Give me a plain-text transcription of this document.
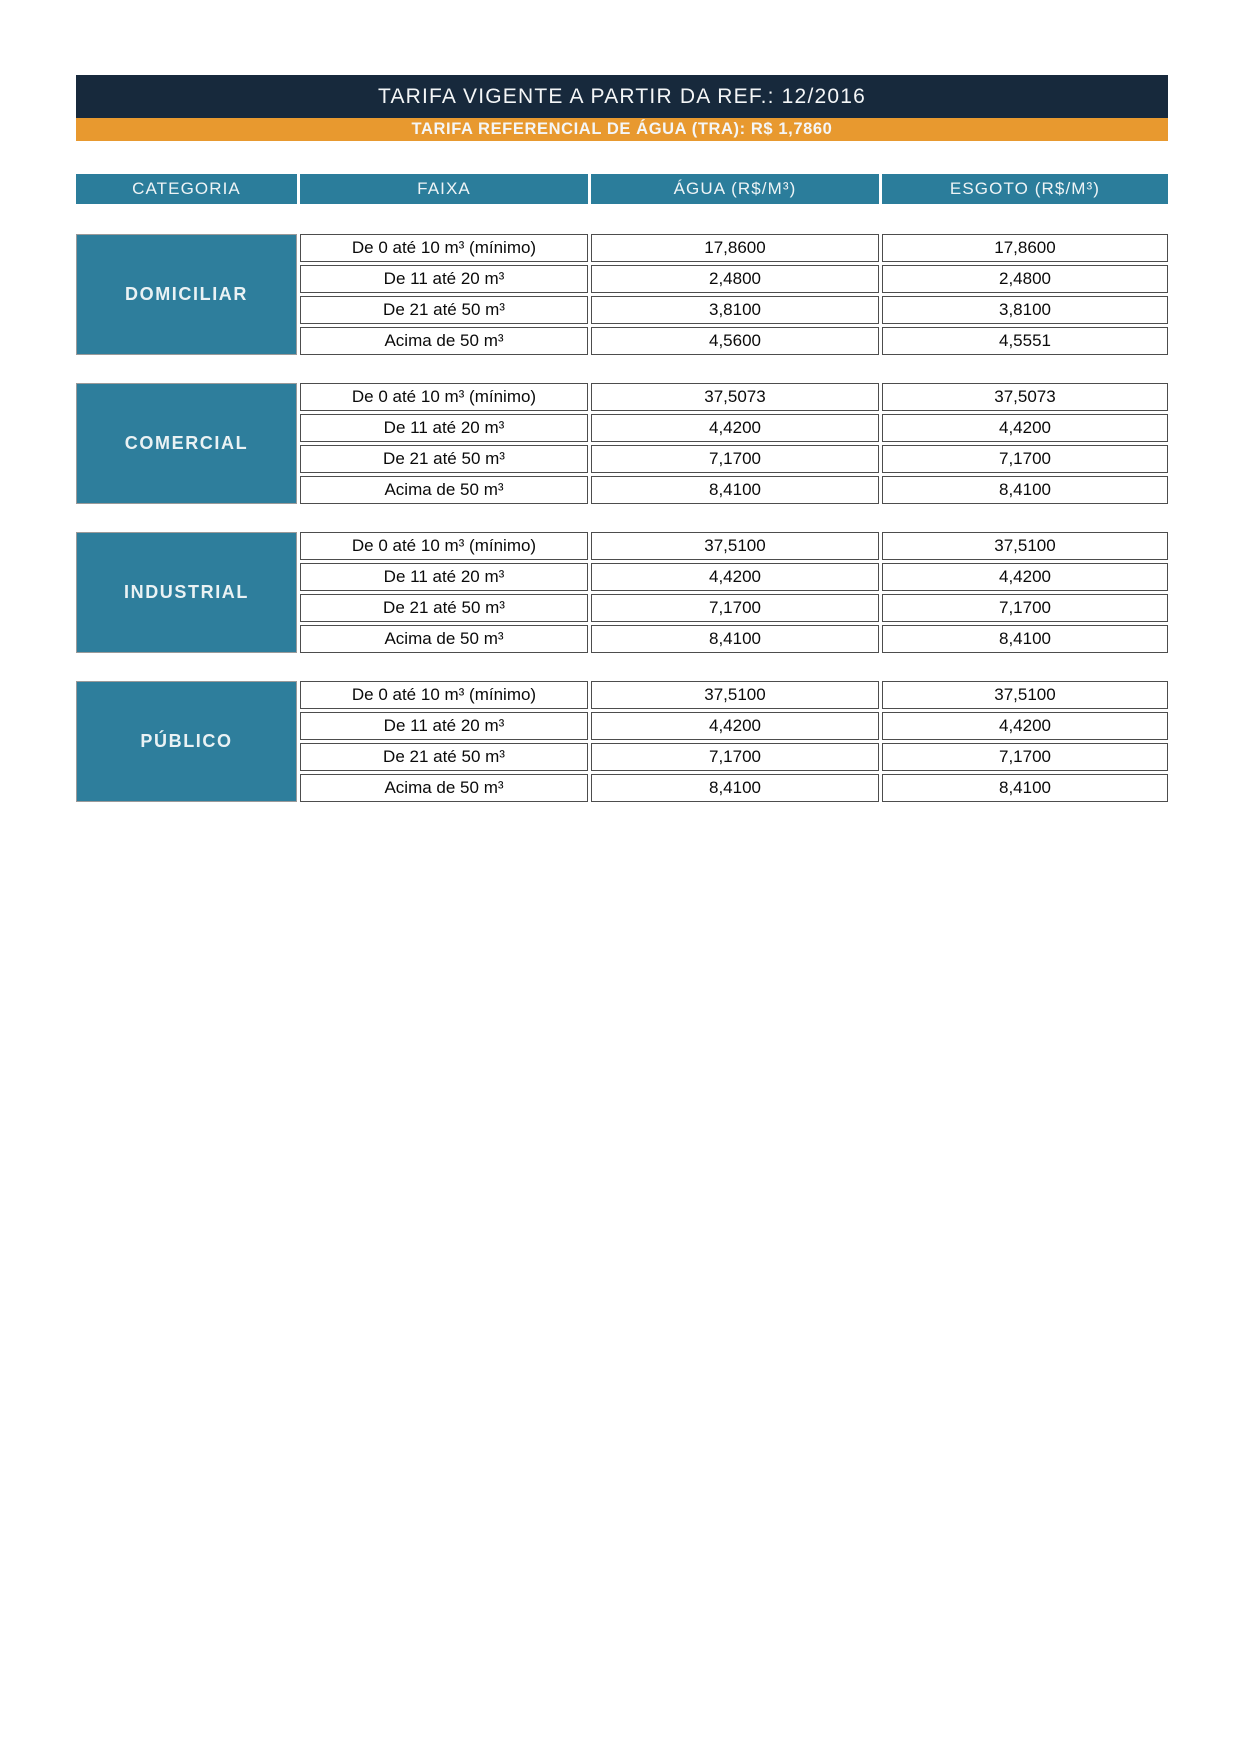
TARIFA VIGENTE A PARTIR DA REF.: 12/2016
TARIFA REFERENCIAL DE ÁGUA (TRA): R$ 1,7860
CATEGORIA	FAIXA	ÁGUA (R$/M³)	ESGOTO (R$/M³)
DOMICILIAR
De 0 até 10 m³ (mínimo)	17,8600	17,8600
De 11 até 20 m³	2,4800	2,4800
De 21 até 50 m³	3,8100	3,8100
Acima de 50 m³	4,5600	4,5551
COMERCIAL
De 0 até 10 m³ (mínimo)	37,5073	37,5073
De 11 até 20 m³	4,4200	4,4200
De 21 até 50 m³	7,1700	7,1700
Acima de 50 m³	8,4100	8,4100
INDUSTRIAL
De 0 até 10 m³ (mínimo)	37,5100	37,5100
De 11 até 20 m³	4,4200	4,4200
De 21 até 50 m³	7,1700	7,1700
Acima de 50 m³	8,4100	8,4100
PÚBLICO
De 0 até 10 m³ (mínimo)	37,5100	37,5100
De 11 até 20 m³	4,4200	4,4200
De 21 até 50 m³	7,1700	7,1700
Acima de 50 m³	8,4100	8,4100
